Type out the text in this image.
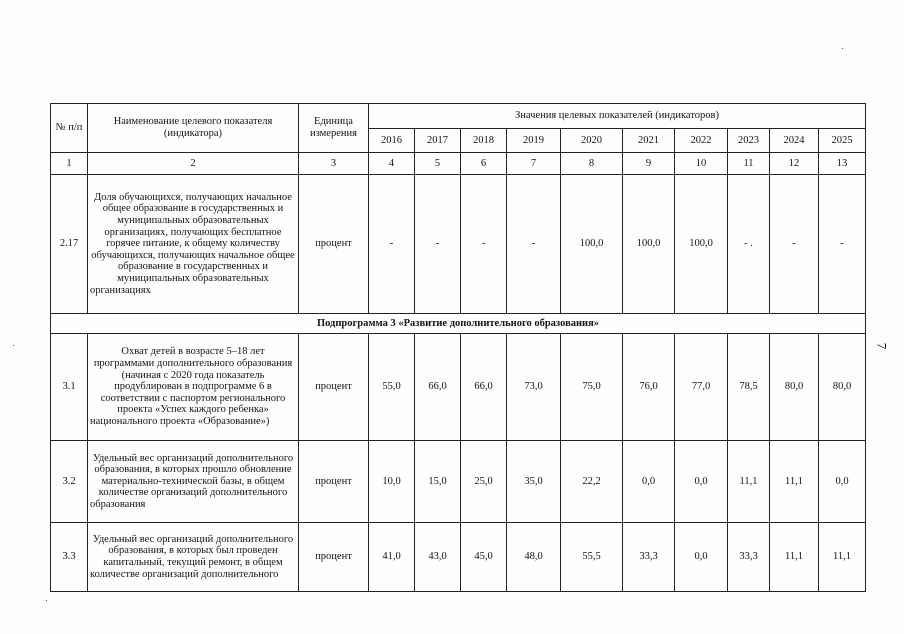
№ п/п	Наименование целевого показателя (индикатора)	Единица измерения	Значения целевых показателей (индикаторов)									
			2016	2017	2018	2019	2020	2021	2022	2023	2024	2025
1	2	3	4	5	6	7	8	9	10	11	12	13
2.17	Доля обучающихся, получающих начальное общее образование в государственных и муниципальных образовательных организациях, получающих бесплатное горячее питание, к общему количеству обучающихся, получающих начальное общее образование в государственных и муниципальных образовательных организациях	процент	-	-	-	-	100,0	100,0	100,0	- .	-	-
Подпрограмма 3 «Развитие дополнительного образования»												
3.1	Охват детей в возрасте 5–18 лет программами дополнительного образования (начиная с 2020 года показатель продублирован в подпрограмме 6 в соответствии с паспортом регионального проекта «Успех каждого ребенка» национального проекта «Образование»)	процент	55,0	66,0	66,0	73,0	75,0	76,0	77,0	78,5	80,0	80,0
3.2	Удельный вес организаций дополнительного образования, в которых прошло обновление материально-технической базы, в общем количестве организаций дополнительного образования	процент	10,0	15,0	25,0	35,0	22,2	0,0	0,0	11,1	11,1	0,0
3.3	Удельный вес организаций дополнительного образования, в которых был проведен капитальный, текущий ремонт, в общем количестве организаций дополнительного	процент	41,0	43,0	45,0	48,0	55,5	33,3	0,0	33,3	11,1	11,1
7
